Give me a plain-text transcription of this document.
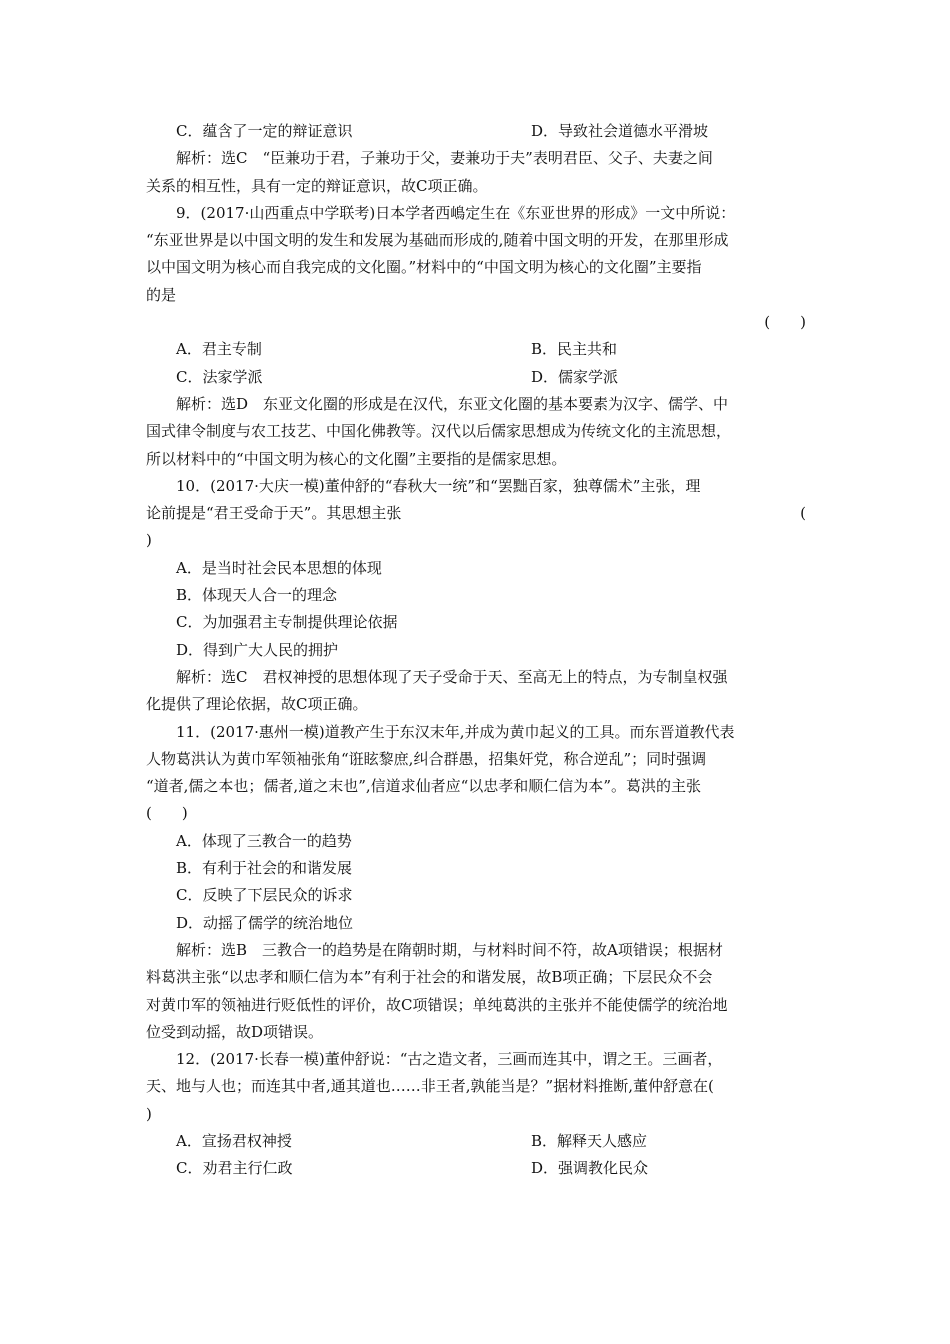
C．蕴含了一定的辩证意识	D．导致社会道德水平滑坡
解析：选C　“臣兼功于君，子兼功于父，妻兼功于夫”表明君臣、父子、夫妻之间
关系的相互性，具有一定的辩证意识，故C项正确。
9．(2017·山西重点中学联考)日本学者西嶋定生在《东亚世界的形成》一文中所说：
“东亚世界是以中国文明的发生和发展为基础而形成的,随着中国文明的开发，在那里形成
以中国文明为核心而自我完成的文化圈。”材料中的“中国文明为核心的文化圈”主要指
的是
(　　)
A．君主专制	B．民主共和
C．法家学派	D．儒家学派
解析：选D　东亚文化圈的形成是在汉代，东亚文化圈的基本要素为汉字、儒学、中
国式律令制度与农工技艺、中国化佛教等。汉代以后儒家思想成为传统文化的主流思想，
所以材料中的“中国文明为核心的文化圈”主要指的是儒家思想。
10．(2017·大庆一模)董仲舒的“春秋大一统”和“罢黜百家，独尊儒术”主张，理
论前提是“君王受命于天”。其思想主张	(
)
A．是当时社会民本思想的体现
B．体现天人合一的理念
C．为加强君主专制提供理论依据
D．得到广大人民的拥护
解析：选C　君权神授的思想体现了天子受命于天、至高无上的特点，为专制皇权强
化提供了理论依据，故C项正确。
11．(2017·惠州一模)道教产生于东汉末年,并成为黄巾起义的工具。而东晋道教代表
人物葛洪认为黄巾军领袖张角“诳眩黎庶,纠合群愚，招集奸党，称合逆乱”；同时强调
“道者,儒之本也；儒者,道之末也”,信道求仙者应“以忠孝和顺仁信为本”。葛洪的主张
(　　)
A．体现了三教合一的趋势
B．有利于社会的和谐发展
C．反映了下层民众的诉求
D．动摇了儒学的统治地位
解析：选B　三教合一的趋势是在隋朝时期，与材料时间不符，故A项错误；根据材
料葛洪主张“以忠孝和顺仁信为本”有利于社会的和谐发展，故B项正确；下层民众不会
对黄巾军的领袖进行贬低性的评价，故C项错误；单纯葛洪的主张并不能使儒学的统治地
位受到动摇，故D项错误。
12．(2017·长春一模)董仲舒说：“古之造文者，三画而连其中，谓之王。三画者，
天、地与人也；而连其中者,通其道也……非王者,孰能当是？”据材料推断,董仲舒意在(
)
A．宣扬君权神授	B．解释天人感应
C．劝君主行仁政	D．强调教化民众
